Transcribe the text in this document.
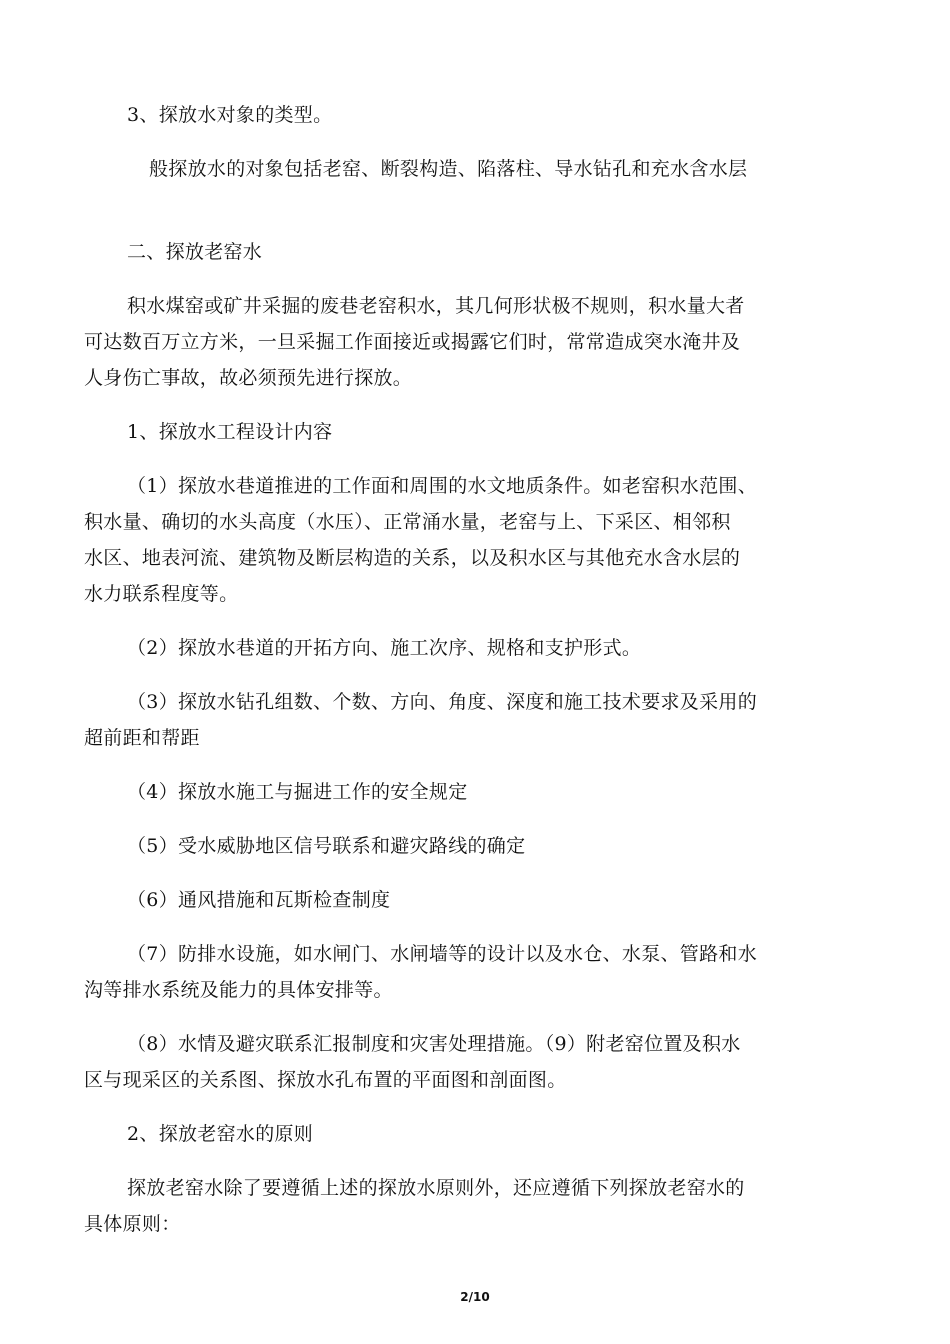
3、探放水对象的类型。
般探放水的对象包括老窑、断裂构造、陷落柱、导水钻孔和充水含水层
二、探放老窑水
积水煤窑或矿井采掘的废巷老窑积水，其几何形状极不规则，积水量大者
可达数百万立方米，一旦采掘工作面接近或揭露它们时，常常造成突水淹井及
人身伤亡事故，故必须预先进行探放。
1、探放水工程设计内容
（1）探放水巷道推进的工作面和周围的水文地质条件。如老窑积水范围、
积水量、确切的水头高度（水压）、正常涌水量，老窑与上、下采区、相邻积
水区、地表河流、建筑物及断层构造的关系，以及积水区与其他充水含水层的
水力联系程度等。
（2）探放水巷道的开拓方向、施工次序、规格和支护形式。
（3）探放水钻孔组数、个数、方向、角度、深度和施工技术要求及采用的
超前距和帮距
（4）探放水施工与掘进工作的安全规定
（5）受水威胁地区信号联系和避灾路线的确定
（6）通风措施和瓦斯检查制度
（7）防排水设施，如水闸门、水闸墙等的设计以及水仓、水泵、管路和水
沟等排水系统及能力的具体安排等。
（8）水情及避灾联系汇报制度和灾害处理措施。（9）附老窑位置及积水
区与现采区的关系图、探放水孔布置的平面图和剖面图。
2、探放老窑水的原则
探放老窑水除了要遵循上述的探放水原则外，还应遵循下列探放老窑水的
具体原则：
2/10
